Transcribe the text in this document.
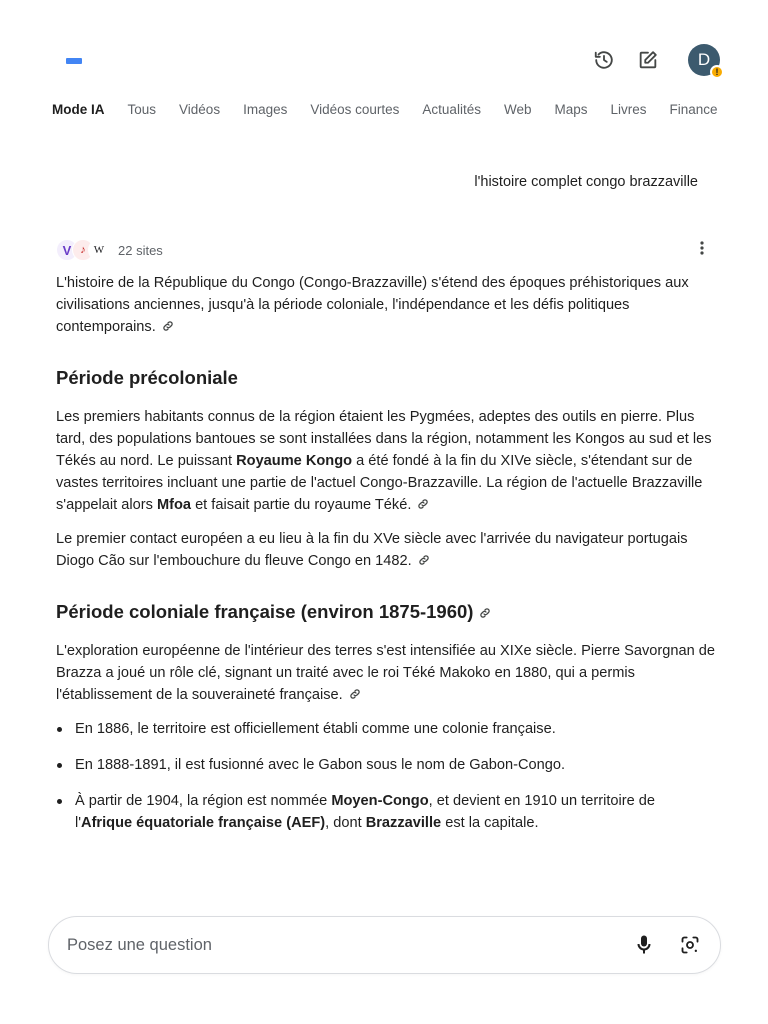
D
!
Mode IA Tous Vidéos Images Vidéos courtes Actualités Web Maps Livres Finance
l'histoire complet congo brazzaville
V ♪ W	22 sites

L'histoire de la République du Congo (Congo-Brazzaville) s'étend des époques préhistoriques aux civilisations anciennes, jusqu'à la période coloniale, l'indépendance et les défis politiques contemporains.

Période précoloniale

Les premiers habitants connus de la région étaient les Pygmées, adeptes des outils en pierre. Plus tard, des populations bantoues se sont installées dans la région, notamment les Kongos au sud et les Tékés au nord. Le puissant Royaume Kongo a été fondé à la fin du XIVe siècle, s'étendant sur de vastes territoires incluant une partie de l'actuel Congo-Brazzaville. La région de l'actuelle Brazzaville s'appelait alors Mfoa et faisait partie du royaume Téké.

Le premier contact européen a eu lieu à la fin du XVe siècle avec l'arrivée du navigateur portugais Diogo Cão sur l'embouchure du fleuve Congo en 1482.

Période coloniale française (environ 1875-1960)

L'exploration européenne de l'intérieur des terres s'est intensifiée au XIXe siècle. Pierre Savorgnan de Brazza a joué un rôle clé, signant un traité avec le roi Téké Makoko en 1880, qui a permis l'établissement de la souveraineté française.

En 1886, le territoire est officiellement établi comme une colonie française.
En 1888-1891, il est fusionné avec le Gabon sous le nom de Gabon-Congo.
À partir de 1904, la région est nommée Moyen-Congo, et devient en 1910 un territoire de l'Afrique équatoriale française (AEF), dont Brazzaville est la capitale.
Posez une question
